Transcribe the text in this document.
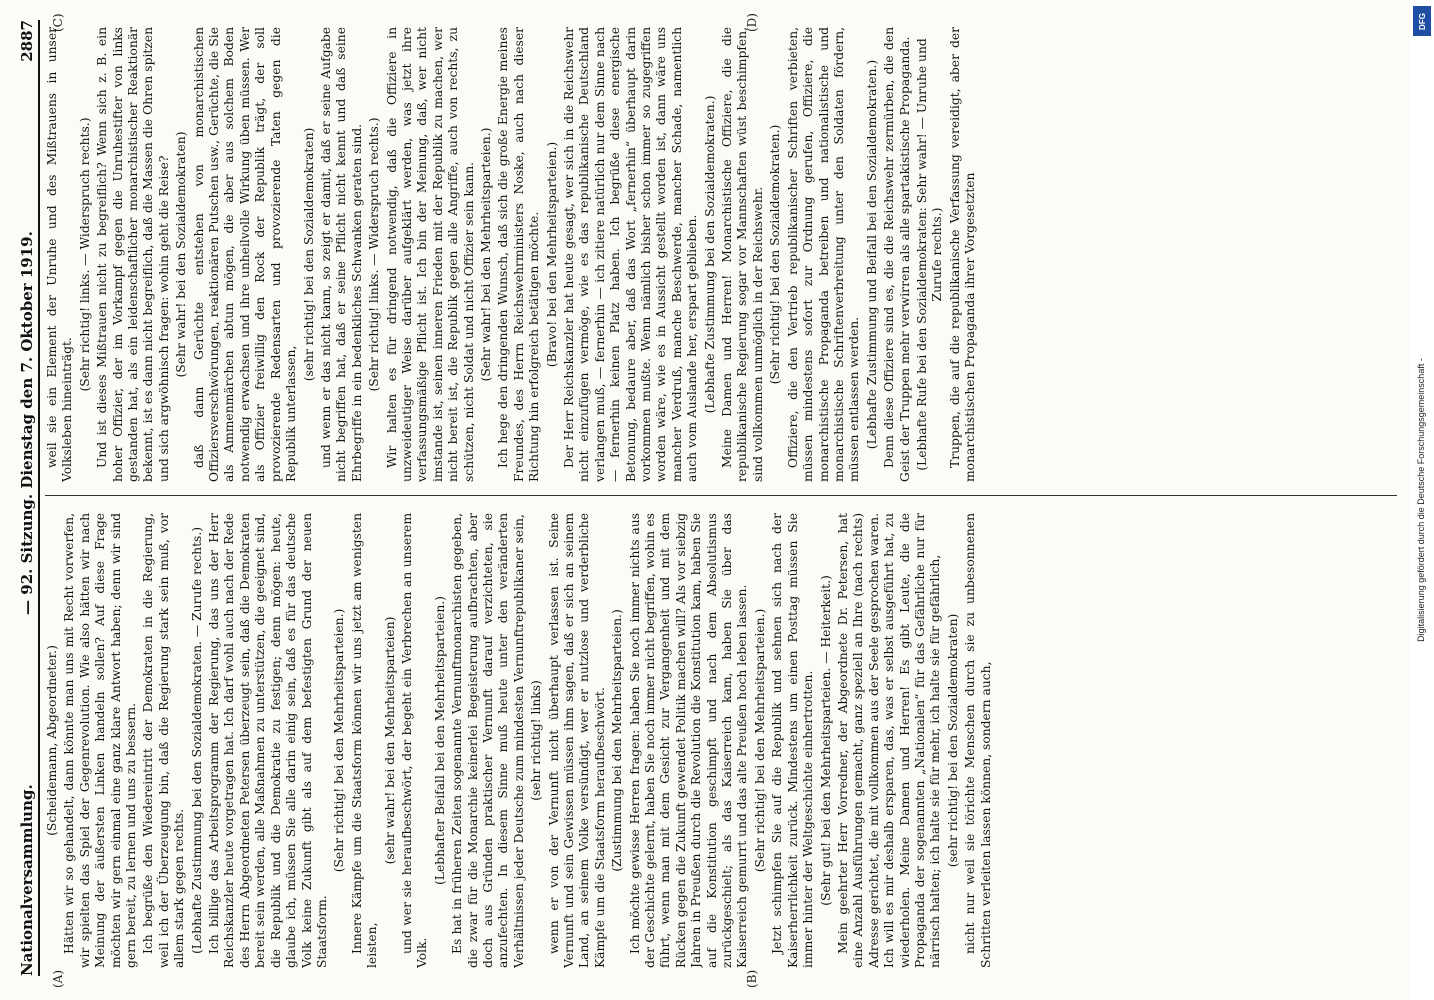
Nationalversammlung.
— 92. Sitzung. Dienstag den 7. Oktober 1919.
2887
(A)	(B)
(C)	(D)

(Scheidemann, Abgeordneter.) Hätten wir so gehandelt, dann könnte man uns mit Recht vorwerfen, wir spielten das Spiel der Gegenrevolution. Wie also hätten wir nach Meinung der äußersten Linken handeln sollen? Auf diese Frage möchten wir gern einmal eine ganz klare Antwort haben; denn wir sind gern bereit, zu lernen und uns zu bessern. Ich begrüße den Wiedereintritt der Demokraten in die Regierung, weil ich der Überzeugung bin, daß die Regierung stark sein muß, vor allem stark gegen rechts. (Lebhafte Zustimmung bei den Sozialdemokraten. — Zurufe rechts.) Ich billige das Arbeitsprogramm der Regierung, das uns der Herr Reichskanzler heute vorgetragen hat. Ich darf wohl auch nach der Rede des Herrn Abgeordneten Petersen überzeugt sein, daß die Demokraten bereit sein werden, alle Maßnahmen zu unterstützen, die geeignet sind, die Republik und die Demokratie zu festigen; denn mögen: heute, glaube ich, müssen Sie alle darin einig sein, daß es für das deutsche Volk keine Zukunft gibt als auf dem befestigten Grund der neuen Staatsform.

(Sehr richtig! bei den Mehrheitsparteien.) Innere Kämpfe um die Staatsform können wir uns jetzt am wenigsten leisten,

(sehr wahr! bei den Mehrheitsparteien) und wer sie heraufbeschwört, der begeht ein Verbrechen an unserem Volk.

(Lebhafter Beifall bei den Mehrheitsparteien.) Es hat in früheren Zeiten sogenannte Vernunftmonarchisten gegeben, die zwar für die Monarchie keinerlei Begeisterung aufbrachten, aber doch aus Gründen praktischer Vernunft darauf verzichteten, sie anzufechten. In diesem Sinne muß heute unter den veränderten Verhältnissen jeder Deutsche zum mindesten Vernunftrepublikaner sein, (sehr richtig! links) wenn er von der Vernunft nicht überhaupt verlassen ist. Seine Vernunft und sein Gewissen müssen ihm sagen, daß er sich an seinem Land, an seinem Volke versündigt, wer er nutzlose und verderbliche Kämpfe um die Staatsform heraufbeschwört. (Zustimmung bei den Mehrheitsparteien.) Ich möchte gewisse Herren fragen: haben Sie noch immer nichts aus der Geschichte gelernt, haben Sie noch immer nicht begriffen, wohin es führt, wenn man mit dem Gesicht zur Vergangenheit und mit dem Rücken gegen die Zukunft gewendet Politik machen will? Als vor siebzig Jahren in Preußen durch die Revolution die Konstitution kam, haben Sie auf die Konstitution geschimpft und nach dem Absolutismus zurückgeschielt; als das Kaiserreich kam, haben Sie über das Kaiserreich gemurrt und das alte Preußen hoch leben lassen. (Sehr richtig! bei den Mehrheitsparteien.) Jetzt schimpfen Sie auf die Republik und sehnen sich nach der Kaiserherrlichkeit zurück. Mindestens um einen Posttag müssen Sie immer hinter der Weltgeschichte einhertrotten. (Sehr gut! bei den Mehrheitsparteien. — Heiterkeit.) Mein geehrter Herr Vorredner, der Abgeordnete Dr. Petersen, hat eine Anzahl Ausführungen gemacht, ganz speziell an Ihre (nach rechts) Adresse gerichtet, die mit vollkommen aus der Seele gesprochen waren. Ich will es mir deshalb ersparen, das, was er selbst ausgeführt hat, zu wiederholen. Meine Damen und Herren! Es gibt Leute, die die Propaganda der sogenannten „Nationalen“ für das Gefährliche nur für närrisch halten; ich halte sie für mehr, ich halte sie für gefährlich, (sehr richtig! bei den Sozialdemokraten) nicht nur weil sie törichte Menschen durch sie zu unbesonnenen Schritten verleiten lassen können, sondern auch,

weil sie ein Element der Unruhe und des Mißtrauens in unser Volksleben hineinträgt.

(Sehr richtig! links. — Widerspruch rechts.) Und ist dieses Mißtrauen nicht zu begreiflich? Wenn sich z. B. ein hoher Offizier, der im Vorkampf gegen die Unruhestifter von links gestanden hat, als ein leidenschaftlicher monarchistischer Reaktionär bekennt, ist es dann nicht begreiflich, daß die Massen die Ohren spitzen und sich argwöhnisch fragen: wohin geht die Reise? (Sehr wahr! bei den Sozialdemokraten) daß dann Gerüchte entstehen von monarchistischen Offiziersverschwörungen, reaktionären Putschen usw., Gerüchte, die Sie als Ammenmärchen abtun mögen, die aber aus solchem Boden notwendig erwachsen und ihre unheilvolle Wirkung üben müssen. Wer als Offizier freiwillig den Rock der Republik trägt, der soll provozierende Redensarten und provozierende Taten gegen die Republik unterlassen,

(sehr richtig! bei den Sozialdemokraten) und wenn er das nicht kann, so zeigt er damit, daß er seine Aufgabe nicht begriffen hat, daß er seine Pflicht nicht kennt und daß seine Ehrbegriffe in ein bedenkliches Schwanken geraten sind. (Sehr richtig! links. — Widerspruch rechts.) Wir halten es für dringend notwendig, daß die Offiziere in unzweideutiger Weise darüber aufgeklärt werden, was jetzt ihre verfassungsmäßige Pflicht ist. Ich bin der Meinung, daß, wer nicht imstande ist, seinen inneren Frieden mit der Republik zu machen, wer nicht bereit ist, die Republik gegen alle Angriffe, auch von rechts, zu schützen, nicht Soldat und nicht Offizier sein kann. (Sehr wahr! bei den Mehrheitsparteien.) Ich hege den dringenden Wunsch, daß sich die große Energie meines Freundes, des Herrn Reichswehrministers Noske, auch nach dieser Richtung hin erfolgreich betätigen möchte. (Bravo! bei den Mehrheitsparteien.) Der Herr Reichskanzler hat heute gesagt, wer sich in die Reichswehr nicht einzufügen vermöge, wie es das republikanische Deutschland verlangen muß, — fernerhin — ich zitiere natürlich nur dem Sinne nach — fernerhin keinen Platz haben. Ich begrüße diese energische Betonung, bedaure aber, daß das Wort „fernerhin“ überhaupt darin vorkommen mußte. Wenn nämlich bisher schon immer so zugegriffen worden wäre, wie es in Aussicht gestellt worden ist, dann wäre uns mancher Verdruß, manche Beschwerde, mancher Schade, namentlich auch vom Auslande her, erspart geblieben. (Lebhafte Zustimmung bei den Sozialdemokraten.) Meine Damen und Herren! Monarchistische Offiziere, die die republikanische Regierung sogar vor Mannschaften wüst beschimpfen, sind vollkommen unmöglich in der Reichswehr. (Sehr richtig! bei den Sozialdemokraten.) Offiziere, die den Vertrieb republikanischer Schriften verbieten, müssen mindestens sofort zur Ordnung gerufen, Offiziere, die monarchistische Propaganda betreiben und nationalistische und monarchistische Schriftenverbreitung unter den Soldaten fördern, müssen entlassen werden. (Lebhafte Zustimmung und Beifall bei den Sozialdemokraten.) Denn diese Offiziere sind es, die die Reichswehr zermürben, die den Geist der Truppen mehr verwirren als alle spartakistische Propaganda. (Lebhafte Rufe bei den Sozialdemokraten: Sehr wahr! — Unruhe und Zurufe rechts.) Truppen, die auf die republikanische Verfassung vereidigt, aber der monarchistischen Propaganda ihrer Vorgesetzten

Digitalisierung gefördert durch die Deutsche Forschungsgemeinschaft -
DFG
